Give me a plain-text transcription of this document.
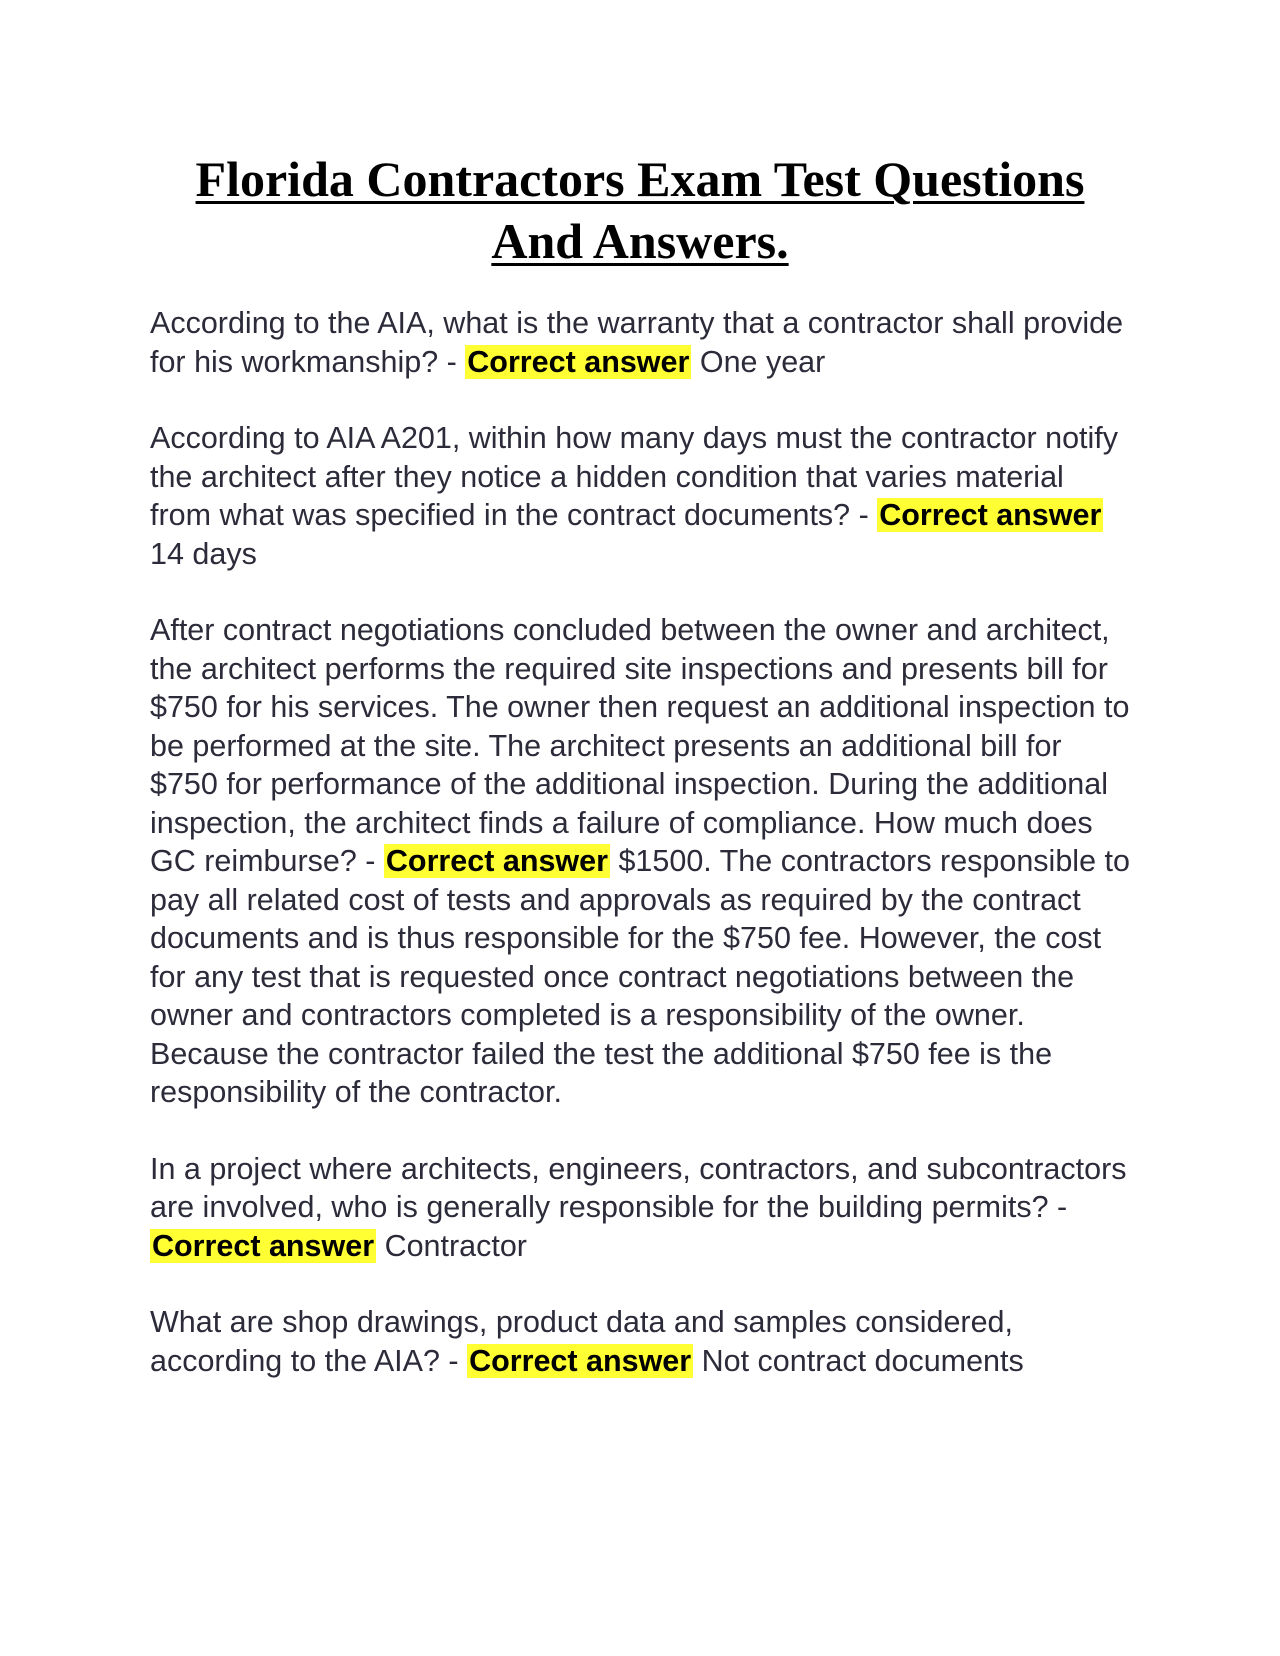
Florida Contractors Exam Test Questions And Answers.

According to the AIA, what is the warranty that a contractor shall provide for his workmanship? - Correct answer One year

According to AIA A201, within how many days must the contractor notify the architect after they notice a hidden condition that varies material from what was specified in the contract documents? - Correct answer 14 days

After contract negotiations concluded between the owner and architect, the architect performs the required site inspections and presents bill for $750 for his services. The owner then request an additional inspection to be performed at the site. The architect presents an additional bill for $750 for performance of the additional inspection. During the additional inspection, the architect finds a failure of compliance. How much does GC reimburse? - Correct answer $1500. The contractors responsible to pay all related cost of tests and approvals as required by the contract documents and is thus responsible for the $750 fee. However, the cost for any test that is requested once contract negotiations between the owner and contractors completed is a responsibility of the owner. Because the contractor failed the test the additional $750 fee is the responsibility of the contractor.

In a project where architects, engineers, contractors, and subcontractors are involved, who is generally responsible for the building permits? - Correct answer Contractor

What are shop drawings, product data and samples considered, according to the AIA? - Correct answer Not contract documents
